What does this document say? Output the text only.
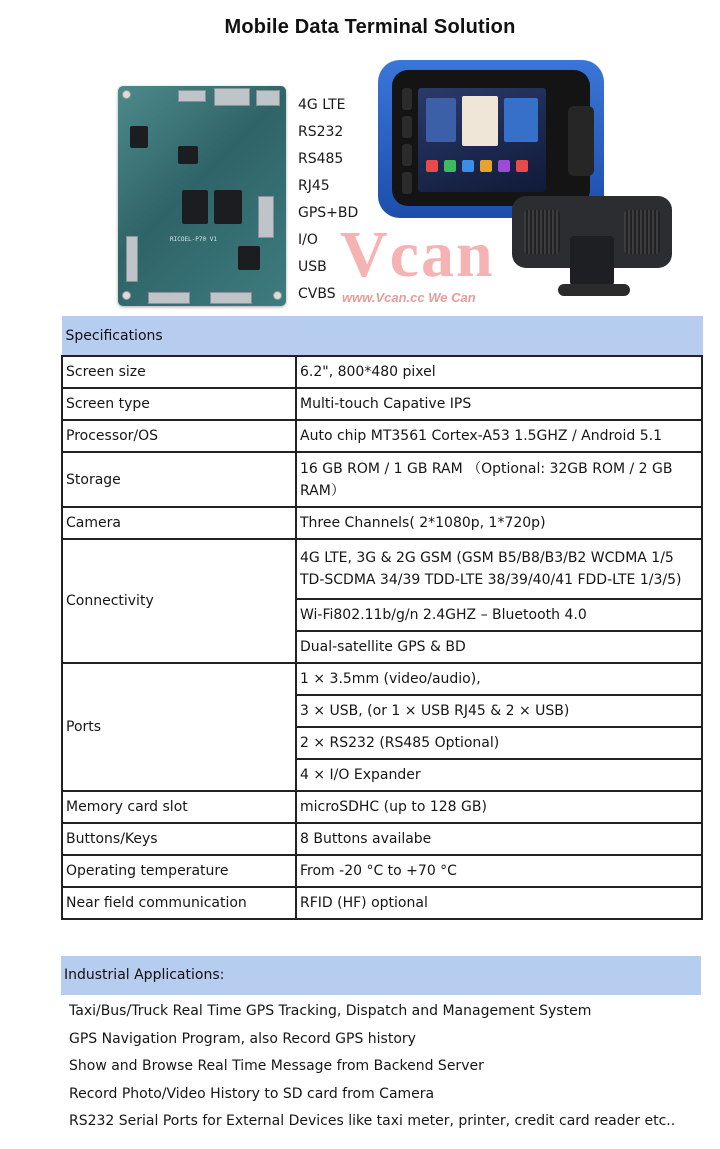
Mobile Data Terminal Solution
RICOEL-P70 V1
4G LTE
RS232
RS485
RJ45
GPS+BD
I/O
USB
CVBS
Vcan
www.Vcan.cc We Can
Specifications	
Screen size	6.2", 800*480 pixel
Screen type	Multi-touch Capative IPS
Processor/OS	Auto chip MT3561 Cortex-A53 1.5GHZ / Android 5.1
Storage	16 GB ROM / 1 GB RAM （Optional: 32GB ROM / 2 GB RAM）
Camera	Three Channels( 2*1080p, 1*720p)
Connectivity	4G LTE, 3G & 2G GSM (GSM B5/B8/B3/B2 WCDMA 1/5 TD-SCDMA 34/39 TDD-LTE 38/39/40/41 FDD-LTE 1/3/5)
	Wi-Fi802.11b/g/n 2.4GHZ – Bluetooth 4.0
	Dual-satellite GPS & BD
Ports	1 × 3.5mm (video/audio),
	3 × USB, (or 1 × USB RJ45 & 2 × USB)
	2 × RS232 (RS485 Optional)
	4 × I/O Expander
Memory card slot	microSDHC (up to 128 GB)
Buttons/Keys	8 Buttons availabe
Operating temperature	From -20 °C to +70 °C
Near field communication	RFID (HF) optional
Industrial Applications:
Taxi/Bus/Truck Real Time GPS Tracking, Dispatch and Management System
GPS Navigation Program, also Record GPS history
Show and Browse Real Time Message from Backend Server
Record Photo/Video History to SD card from Camera
RS232 Serial Ports for External Devices like taxi meter, printer, credit card reader etc..
